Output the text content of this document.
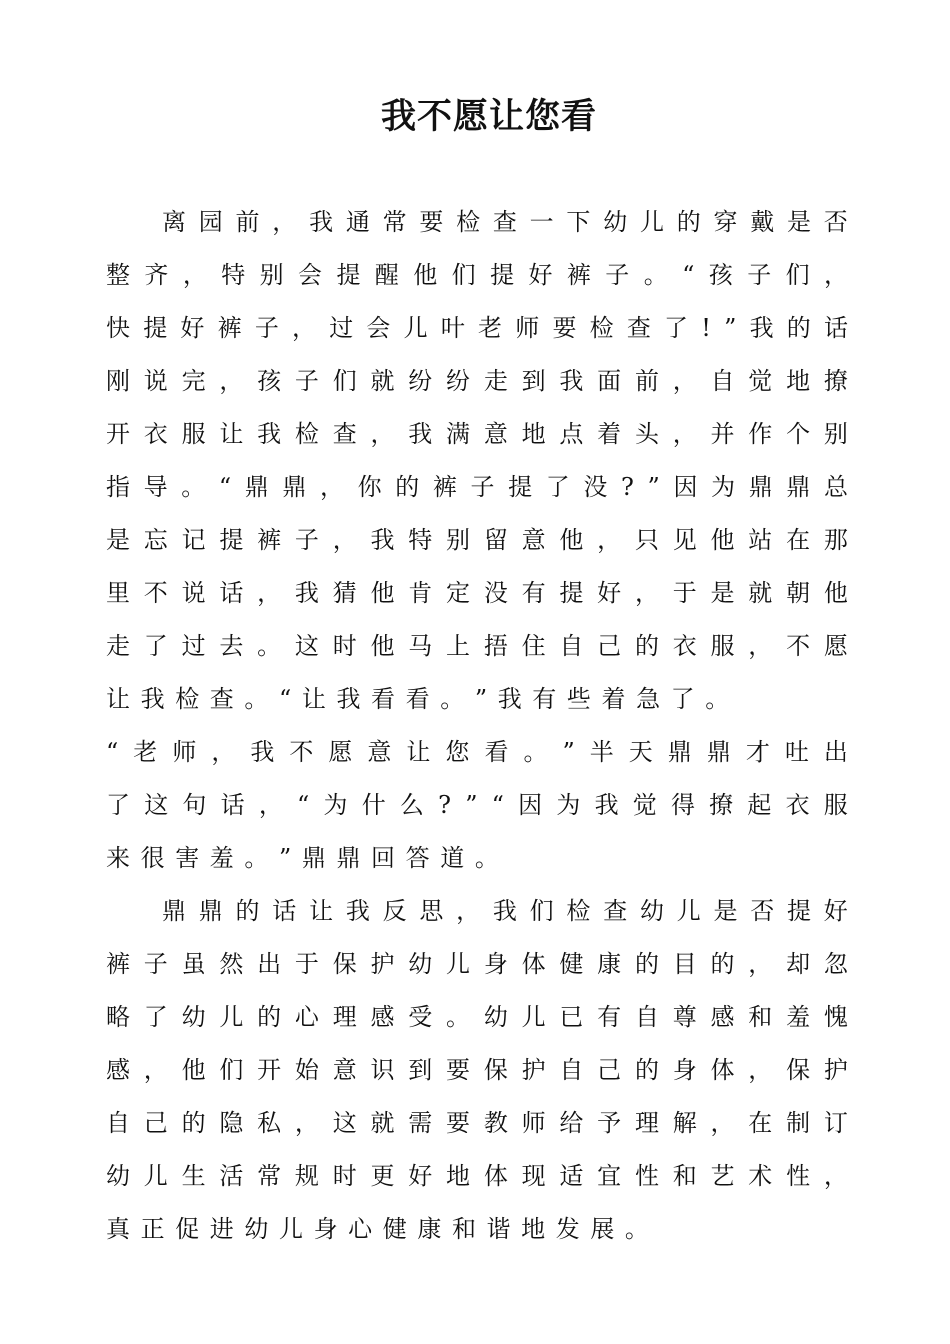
我不愿让您看
离 园 前 ， 我 通 常 要 检 查 一 下 幼 儿 的 穿 戴 是 否
整 齐 ， 特 别 会 提 醒 他 们 提 好 裤 子 。 “ 孩 子 们 ，
快 提 好 裤 子 ， 过 会 儿 叶 老 师 要 检 查 了 ! ” 我 的 话
刚 说 完 ， 孩 子 们 就 纷 纷 走 到 我 面 前 ， 自 觉 地 撩
开 衣 服 让 我 检 查 ， 我 满 意 地 点 着 头 ， 并 作 个 别
指 导 。 “ 鼎 鼎 ， 你 的 裤 子 提 了 没 ? ” 因 为 鼎 鼎 总
是 忘 记 提 裤 子 ， 我 特 别 留 意 他 ， 只 见 他 站 在 那
里 不 说 话 ， 我 猜 他 肯 定 没 有 提 好 ， 于 是 就 朝 他
走 了 过 去 。 这 时 他 马 上 捂 住 自 己 的 衣 服 ， 不 愿
让 我 检 查 。 “ 让 我 看 看 。 ” 我 有 些 着 急 了 。
“ 老 师 ， 我 不 愿 意 让 您 看 。 ” 半 天 鼎 鼎 才 吐 出
了 这 句 话 ， “ 为 什 么 ? ” “ 因 为 我 觉 得 撩 起 衣 服
来 很 害 羞 。 ” 鼎 鼎 回 答 道 。
鼎 鼎 的 话 让 我 反 思 ， 我 们 检 查 幼 儿 是 否 提 好
裤 子 虽 然 出 于 保 护 幼 儿 身 体 健 康 的 目 的 ， 却 忽
略 了 幼 儿 的 心 理 感 受 。 幼 儿 已 有 自 尊 感 和 羞 愧
感 ， 他 们 开 始 意 识 到 要 保 护 自 己 的 身 体 ， 保 护
自 己 的 隐 私 ， 这 就 需 要 教 师 给 予 理 解 ， 在 制 订
幼 儿 生 活 常 规 时 更 好 地 体 现 适 宜 性 和 艺 术 性 ，
真 正 促 进 幼 儿 身 心 健 康 和 谐 地 发 展 。
